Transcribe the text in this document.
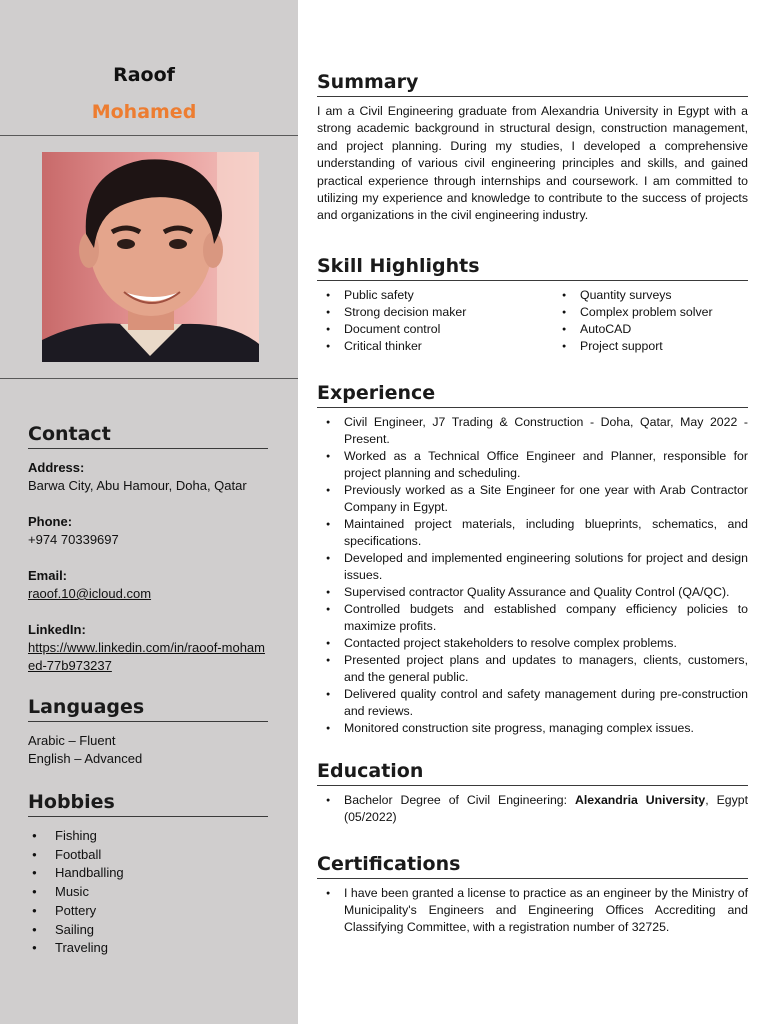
Raoof
Mohamed
Contact
Address:
Barwa City, Abu Hamour, Doha, Qatar
Phone:
+974 70339697
Email:
raoof.10@icloud.com
LinkedIn:
https://www.linkedin.com/in/raoof-mohamed-77b973237
Languages
Arabic – Fluent
English – Advanced
Hobbies
● Fishing
● Football
● Handballing
● Music
● Pottery
● Sailing
● Traveling
Summary

I am a Civil Engineering graduate from Alexandria University in Egypt with a strong academic background in structural design, construction management, and project planning. During my studies, I developed a comprehensive understanding of various civil engineering principles and skills, and gained practical experience through internships and coursework. I am committed to utilizing my experience and knowledge to contribute to the success of projects and organizations in the civil engineering industry.

Skill Highlights
● Public safety
● Strong decision maker
● Document control
● Critical thinker
● Quantity surveys
● Complex problem solver
● AutoCAD
● Project support
Experience
● Civil Engineer, J7 Trading & Construction - Doha, Qatar, May 2022 - Present.
● Worked as a Technical Office Engineer and Planner, responsible for project planning and scheduling.
● Previously worked as a Site Engineer for one year with Arab Contractor Company in Egypt.
● Maintained project materials, including blueprints, schematics, and specifications.
● Developed and implemented engineering solutions for project and design issues.
● Supervised contractor Quality Assurance and Quality Control (QA/QC).
● Controlled budgets and established company efficiency policies to maximize profits.
● Contacted project stakeholders to resolve complex problems.
● Presented project plans and updates to managers, clients, customers, and the general public.
● Delivered quality control and safety management during pre-construction and reviews.
● Monitored construction site progress, managing complex issues.
Education
● Bachelor Degree of Civil Engineering: Alexandria University, Egypt (05/2022)
Certifications
● I have been granted a license to practice as an engineer by the Ministry of Municipality's Engineers and Engineering Offices Accrediting and Classifying Committee, with a registration number of 32725.
